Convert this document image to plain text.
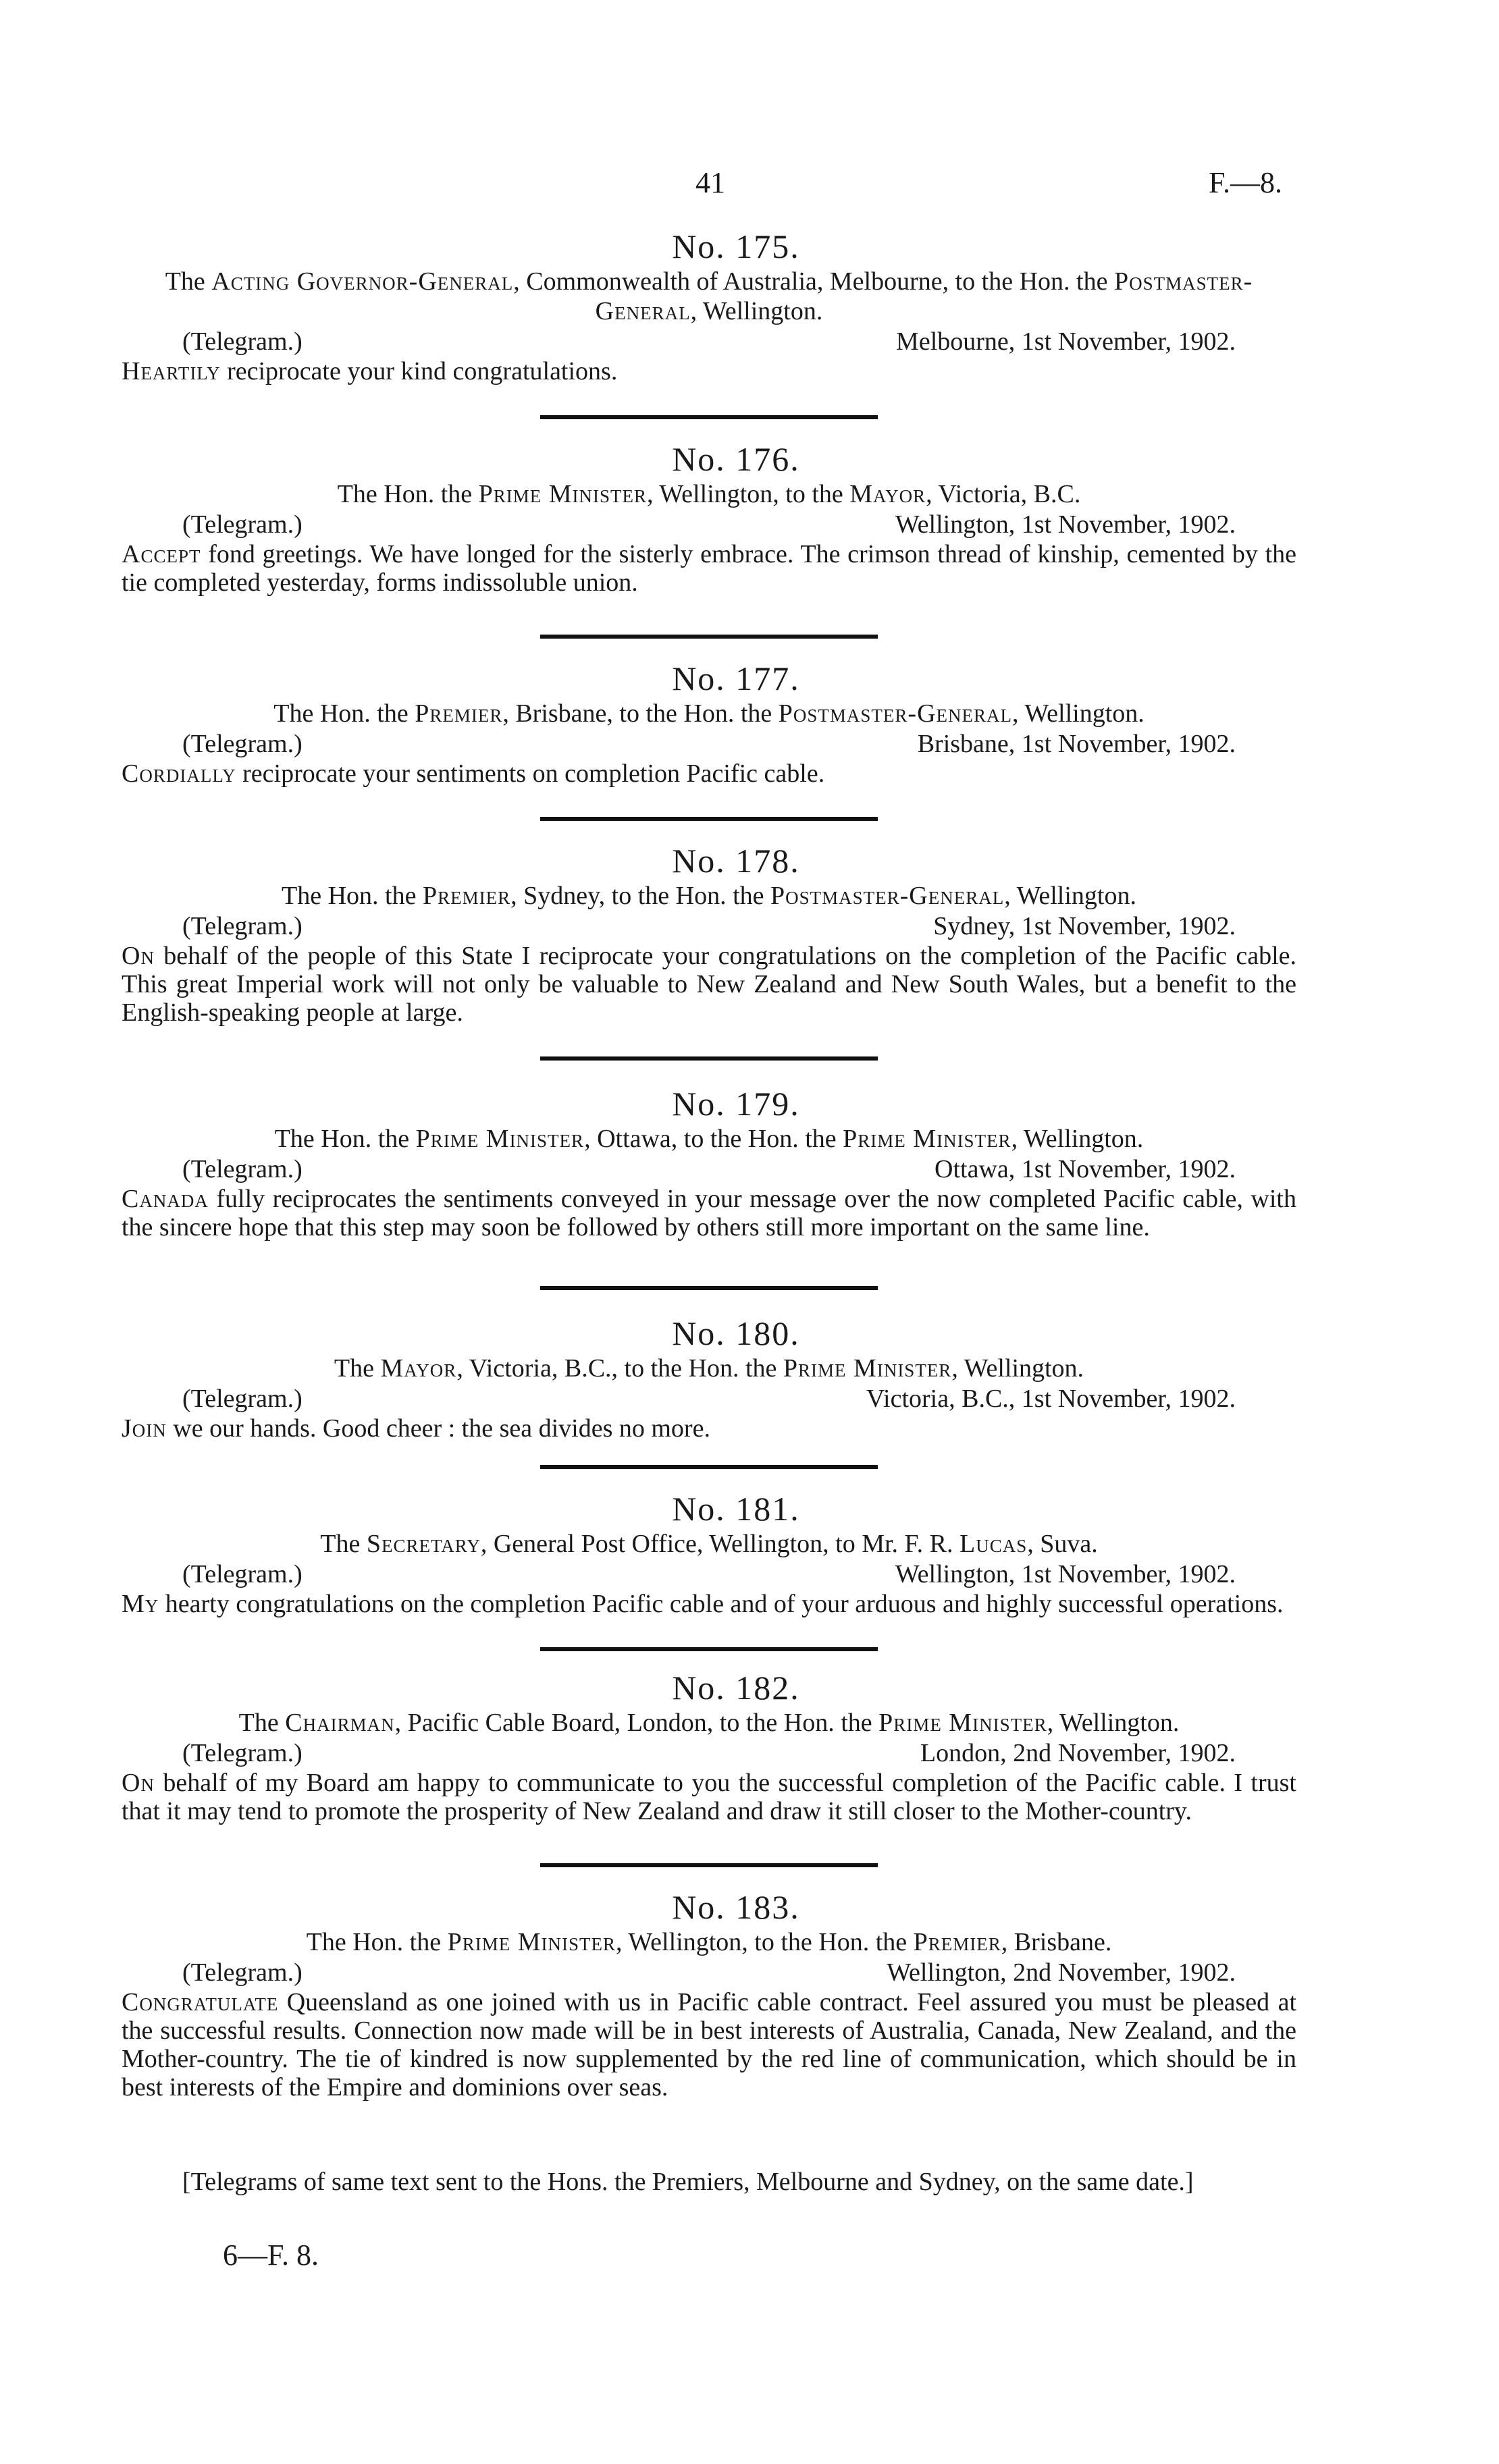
41	F.—8.
No. 175.
The Acting Governor-General, Commonwealth of Australia, Melbourne, to the Hon. the Postmaster-General, Wellington.
(Telegram.)	Melbourne, 1st November, 1902.
Heartily reciprocate your kind congratulations.
No. 176.
The Hon. the Prime Minister, Wellington, to the Mayor, Victoria, B.C.
(Telegram.)	Wellington, 1st November, 1902.
Accept fond greetings. We have longed for the sisterly embrace. The crimson thread of kinship, cemented by the tie completed yesterday, forms indissoluble union.
No. 177.
The Hon. the Premier, Brisbane, to the Hon. the Postmaster-General, Wellington.
(Telegram.)	Brisbane, 1st November, 1902.
Cordially reciprocate your sentiments on completion Pacific cable.
No. 178.
The Hon. the Premier, Sydney, to the Hon. the Postmaster-General, Wellington.
(Telegram.)	Sydney, 1st November, 1902.
On behalf of the people of this State I reciprocate your congratulations on the completion of the Pacific cable. This great Imperial work will not only be valuable to New Zealand and New South Wales, but a benefit to the English-speaking people at large.
No. 179.
The Hon. the Prime Minister, Ottawa, to the Hon. the Prime Minister, Wellington.
(Telegram.)	Ottawa, 1st November, 1902.
Canada fully reciprocates the sentiments conveyed in your message over the now completed Pacific cable, with the sincere hope that this step may soon be followed by others still more important on the same line.
No. 180.
The Mayor, Victoria, B.C., to the Hon. the Prime Minister, Wellington.
(Telegram.)	Victoria, B.C., 1st November, 1902.
Join we our hands. Good cheer : the sea divides no more.
No. 181.
The Secretary, General Post Office, Wellington, to Mr. F. R. Lucas, Suva.
(Telegram.)	Wellington, 1st November, 1902.
My hearty congratulations on the completion Pacific cable and of your arduous and highly successful operations.
No. 182.
The Chairman, Pacific Cable Board, London, to the Hon. the Prime Minister, Wellington.
(Telegram.)	London, 2nd November, 1902.
On behalf of my Board am happy to communicate to you the successful completion of the Pacific cable. I trust that it may tend to promote the prosperity of New Zealand and draw it still closer to the Mother-country.
No. 183.
The Hon. the Prime Minister, Wellington, to the Hon. the Premier, Brisbane.
(Telegram.)	Wellington, 2nd November, 1902.
Congratulate Queensland as one joined with us in Pacific cable contract. Feel assured you must be pleased at the successful results. Connection now made will be in best interests of Australia, Canada, New Zealand, and the Mother-country. The tie of kindred is now supplemented by the red line of communication, which should be in best interests of the Empire and dominions over seas.
[Telegrams of same text sent to the Hons. the Premiers, Melbourne and Sydney, on the same date.]
6—F. 8.
